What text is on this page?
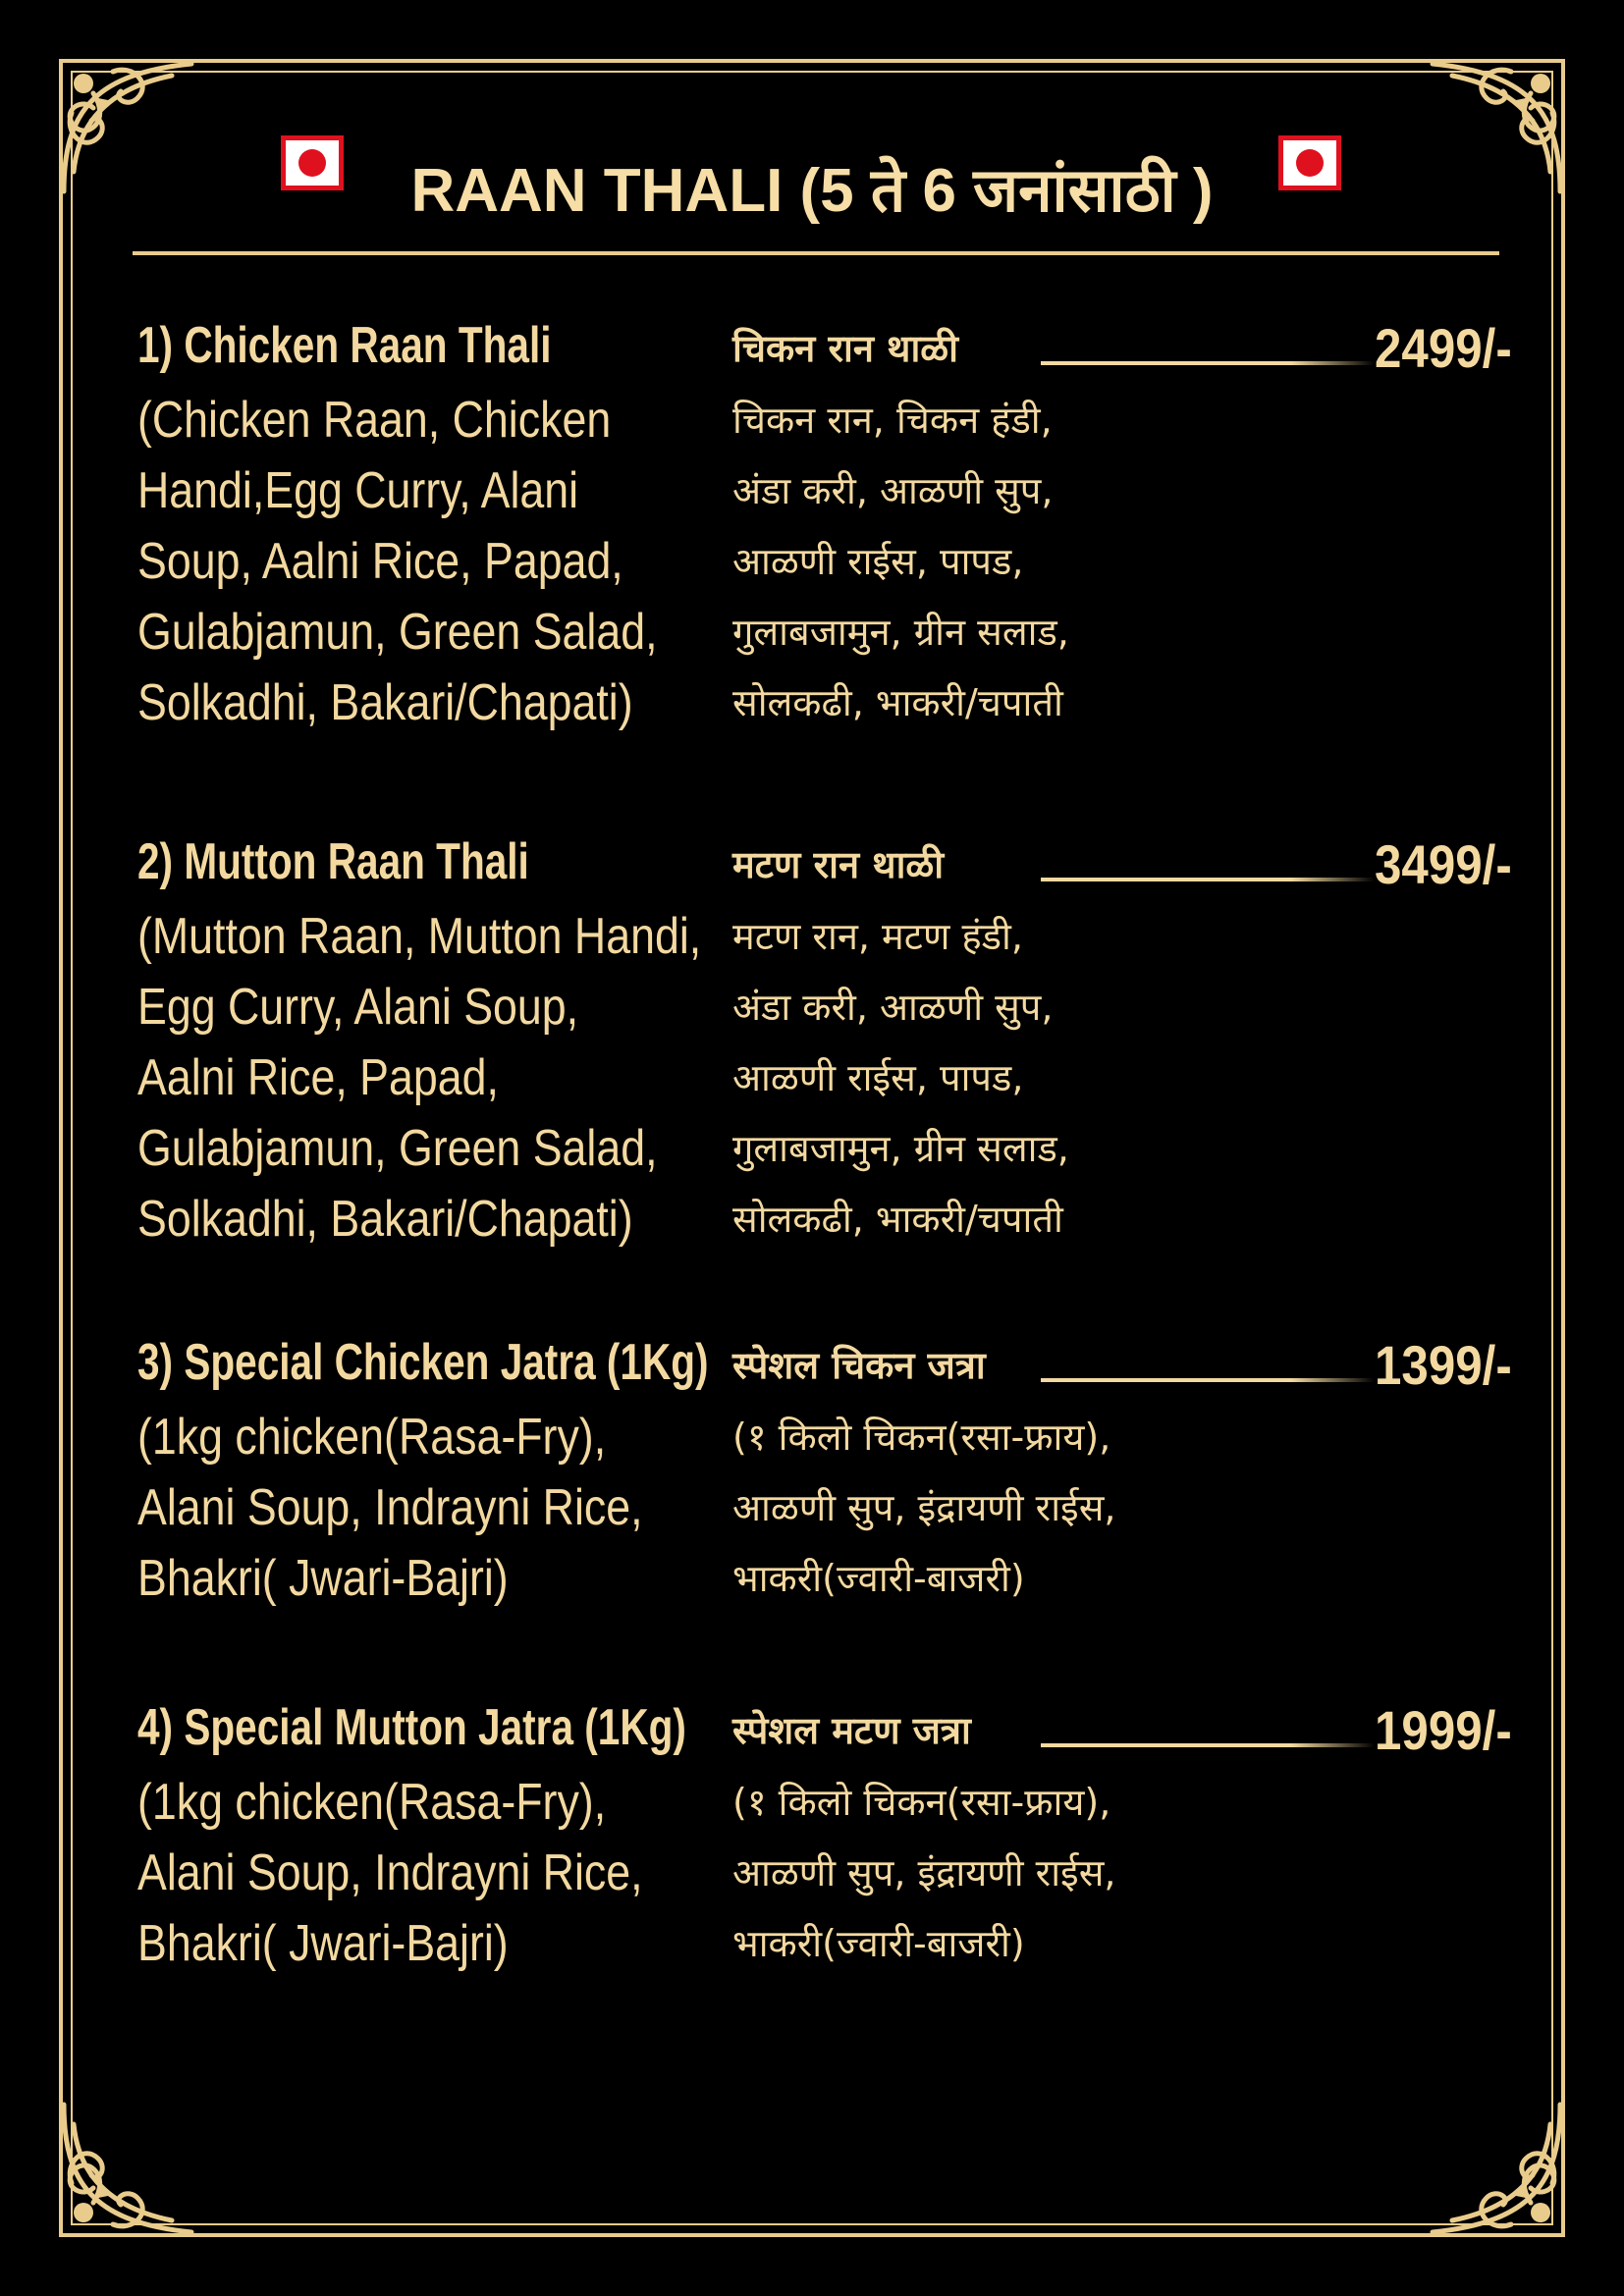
RAAN THALI (5 ते 6 जनांसाठी )
1) Chicken Raan Thali
(Chicken Raan, Chicken
Handi,Egg Curry, Alani
Soup, Aalni Rice, Papad,
Gulabjamun, Green Salad,
Solkadhi, Bakari/Chapati)
चिकन रान थाळी
चिकन रान, चिकन हंडी,
अंडा करी, आळणी सुप,
आळणी राईस, पापड,
गुलाबजामुन, ग्रीन सलाड,
सोलकढी, भाकरी/चपाती
2499/-
2) Mutton Raan Thali
(Mutton Raan, Mutton Handi,
Egg Curry, Alani Soup,
Aalni Rice, Papad,
Gulabjamun, Green Salad,
Solkadhi, Bakari/Chapati)
मटण रान थाळी
मटण रान, मटण हंडी,
अंडा करी, आळणी सुप,
आळणी राईस, पापड,
गुलाबजामुन, ग्रीन सलाड,
सोलकढी, भाकरी/चपाती
3499/-
3) Special Chicken Jatra (1Kg)
(1kg chicken(Rasa-Fry),
Alani Soup, Indrayni Rice,
Bhakri( Jwari-Bajri)
स्पेशल चिकन जत्रा
(१ किलो चिकन(रसा-फ्राय),
आळणी सुप, इंद्रायणी राईस,
भाकरी(ज्वारी-बाजरी)
1399/-
4) Special Mutton Jatra (1Kg)
(1kg chicken(Rasa-Fry),
Alani Soup, Indrayni Rice,
Bhakri( Jwari-Bajri)
स्पेशल मटण जत्रा
(१ किलो चिकन(रसा-फ्राय),
आळणी सुप, इंद्रायणी राईस,
भाकरी(ज्वारी-बाजरी)
1999/-
